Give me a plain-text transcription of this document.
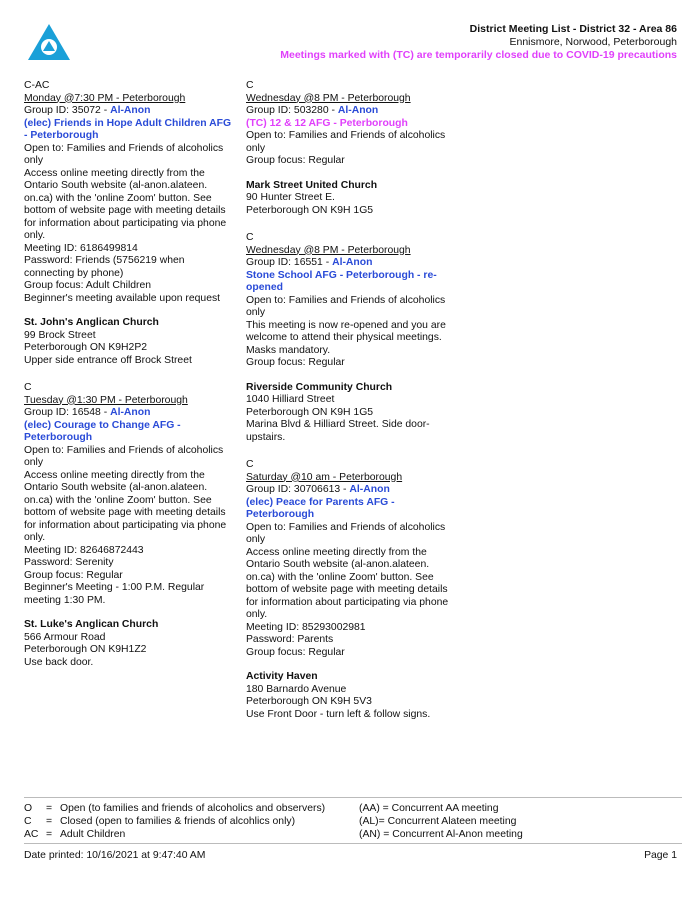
District Meeting List - District 32 - Area 86
Ennismore, Norwood, Peterborough
Meetings marked with (TC) are temporarily closed due to COVID-19 precautions
C-AC
Monday @7:30 PM - Peterborough
Group ID: 35072 - Al-Anon
(elec) Friends in Hope Adult Children AFG - Peterborough
Open to: Families and Friends of alcoholics only
Access online meeting directly from the Ontario South website (al-anon.alateen. on.ca) with the 'online Zoom' button. See bottom of website page with meeting details for information about participating via phone only.
Meeting ID: 6186499814
Password: Friends (5756219 when connecting by phone)
Group focus: Adult Children
Beginner's meeting available upon request
St. John's Anglican Church
99 Brock Street
Peterborough ON K9H2P2
Upper side entrance off Brock Street
C
Tuesday @1:30 PM - Peterborough
Group ID: 16548 - Al-Anon
(elec) Courage to Change AFG - Peterborough
Open to: Families and Friends of alcoholics only
Access online meeting directly from the Ontario South website (al-anon.alateen. on.ca) with the 'online Zoom' button. See bottom of website page with meeting details for information about participating via phone only.
Meeting ID: 82646872443
Password: Serenity
Group focus: Regular
Beginner's Meeting - 1:00 P.M. Regular meeting 1:30 PM.
St. Luke's Anglican Church
566 Armour Road
Peterborough ON K9H1Z2
Use back door.
C
Wednesday @8 PM - Peterborough
Group ID: 503280 - Al-Anon
(TC) 12 & 12 AFG - Peterborough
Open to: Families and Friends of alcoholics only
Group focus: Regular
Mark Street United Church
90 Hunter Street E.
Peterborough ON K9H 1G5
C
Wednesday @8 PM - Peterborough
Group ID: 16551 - Al-Anon
Stone School AFG - Peterborough - re-opened
Open to: Families and Friends of alcoholics only
This meeting is now re-opened and you are welcome to attend their physical meetings. Masks mandatory.
Group focus: Regular
Riverside Community Church
1040 Hilliard Street
Peterborough ON K9H 1G5
Marina Blvd & Hilliard Street. Side door- upstairs.
C
Saturday @10 am - Peterborough
Group ID: 30706613 - Al-Anon
(elec) Peace for Parents AFG - Peterborough
Open to: Families and Friends of alcoholics only
Access online meeting directly from the Ontario South website (al-anon.alateen. on.ca) with the 'online Zoom' button. See bottom of website page with meeting details for information about participating via phone only.
Meeting ID: 85293002981
Password: Parents
Group focus: Regular
Activity Haven
180 Barnardo Avenue
Peterborough ON K9H 5V3
Use Front Door - turn left & follow signs.
O = Open (to families and friends of alcoholics and observers)
C = Closed (open to families & friends of alcohlics only)
AC = Adult Children
(AA) = Concurrent AA meeting
(AL)= Concurrent Alateen meeting
(AN) = Concurrent Al-Anon meeting
Date printed: 10/16/2021 at 9:47:40 AM	Page 1
